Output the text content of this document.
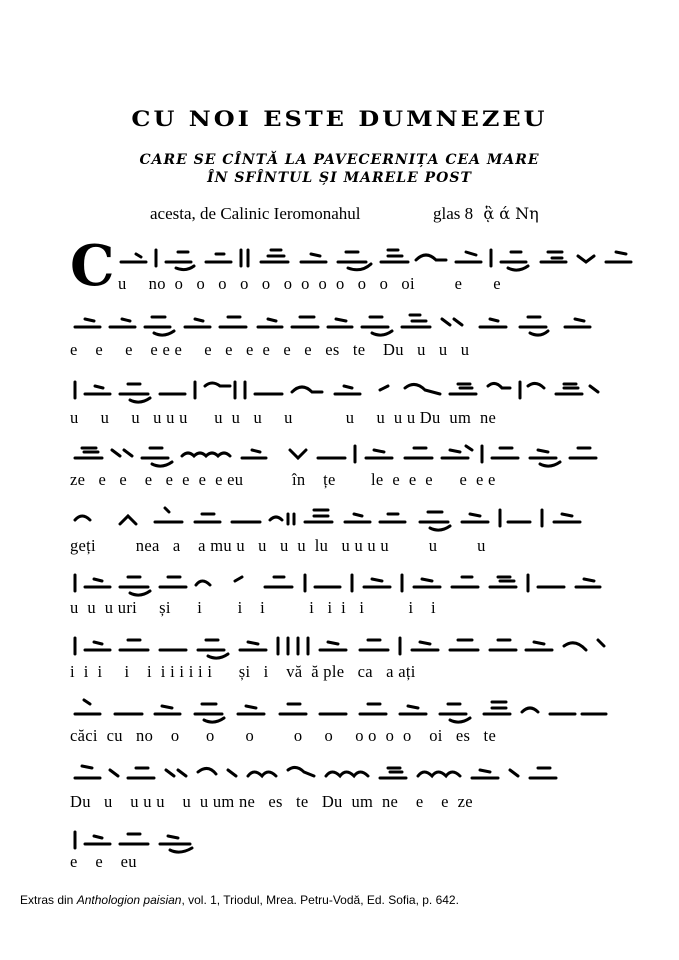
CU NOI ESTE DUMNEZEU
CARE SE CÎNTĂ LA PAVECERNIȚA CEA MARE
ÎN SFÎNTUL ȘI MARELE POST
acesta, de Calinic Ieromonahul	glas 8 ᾃ ά Νη
C u     no  o   o   o   o   o   o  o  o  o   o   o   oi         e       e
e    e     e    e e e     e   e   e  e   e   e   es   te    Du   u   u   u
u     u     u   u u u      u  u   u     u            u     u  u u Du  um  ne
ze   e   e    e   e  e  e  e eu           în    țe        le  e  e  e      e  e e
geți         nea   a    a mu u   u   u  u  lu   u u u u         u         u
u  u  u uri     și      i        i    i          i   i  i   i          i    i
i  i  i     i    i  i i i i i i      și   i    vă  ă ple   ca   a ați
căci  cu   no    o      o       o         o     o     o o  o  o    oi   es   te
Du   u    u u u    u  u um ne   es   te   Du  um  ne    e    e  ze
e    e    eu
Extras din Anthologion paisian, vol. 1, Triodul, Mrea. Petru-Vodă, Ed. Sofia, p. 642.
